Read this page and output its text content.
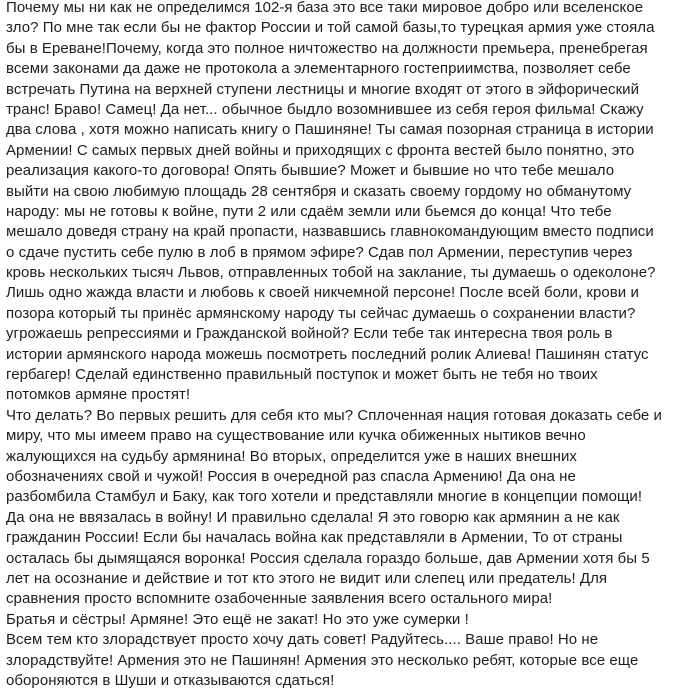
Почему мы ни как не определимся 102-я база это все таки мировое добро или вселенское
зло? По мне так если бы не фактор России и той самой базы,то турецкая армия уже стояла
бы в Ереване!Почему, когда это полное ничтожество на должности премьера, пренебрегая
всеми законами да даже не протокола а элементарного гостеприимства, позволяет себе
встречать Путина на верхней ступени лестницы и многие входят от этого в эйфорический
транс! Браво! Самец! Да нет... обычное быдло возомнившее из себя героя фильма! Скажу
два слова , хотя можно написать книгу о Пашиняне! Ты самая позорная страница в истории
Армении! С самых первых дней войны и приходящих с фронта вестей было понятно, это
реализация какого-то договора! Опять бывшие? Может и бывшие но что тебе мешало
выйти на свою любимую площадь 28 сентября и сказать своему гордому но обманутому
народу: мы не готовы к войне, пути 2 или сдаём земли или бьемся до конца! Что тебе
мешало доведя страну на край пропасти, назвавшись главнокомандующим вместо подписи
о сдаче пустить себе пулю в лоб в прямом эфире? Сдав пол Армении, переступив через
кровь нескольких тысяч Львов, отправленных тобой на заклание, ты думаешь о одеколоне?
Лишь одно жажда власти и любовь к своей никчемной персоне! После всей боли, крови и
позора который ты принёс армянскому народу ты сейчас думаешь о сохранении власти?
угрожаешь репрессиями и Гражданской войной? Если тебе так интересна твоя роль в
истории армянского народа можешь посмотреть последний ролик Алиева! Пашинян статус
гербагер! Сделай единственно правильный поступок и может быть не тебя но твоих
потомков армяне простят!
Что делать? Во первых решить для себя кто мы? Сплоченная нация готовая доказать себе и
миру, что мы имеем право на существование или кучка обиженных нытиков вечно
жалующихся на судьбу армянина! Во вторых, определится уже в наших внешних
обозначениях свой и чужой! Россия в очередной раз спасла Армению! Да она не
разбомбила Стамбул и Баку, как того хотели и представляли многие в концепции помощи!
Да она не ввязалась в войну! И правильно сделала! Я это говорю как армянин а не как
гражданин России! Если бы началась война как представляли в Армении, То от страны
осталась бы дымящаяся воронка! Россия сделала гораздо больше, дав Армении хотя бы 5
лет на осознание и действие и тот кто этого не видит или слепец или предатель! Для
сравнения просто вспомните озабоченные заявления всего остального мира!
Братья и сёстры! Армяне! Это ещё не закат! Но это уже сумерки !
Всем тем кто злорадствует просто хочу дать совет! Радуйтесь.... Ваше право! Но не
злорадствуйте! Армения это не Пашинян! Армения это несколько ребят, которые все еще
обороняются в Шуши и отказываются сдаться!
